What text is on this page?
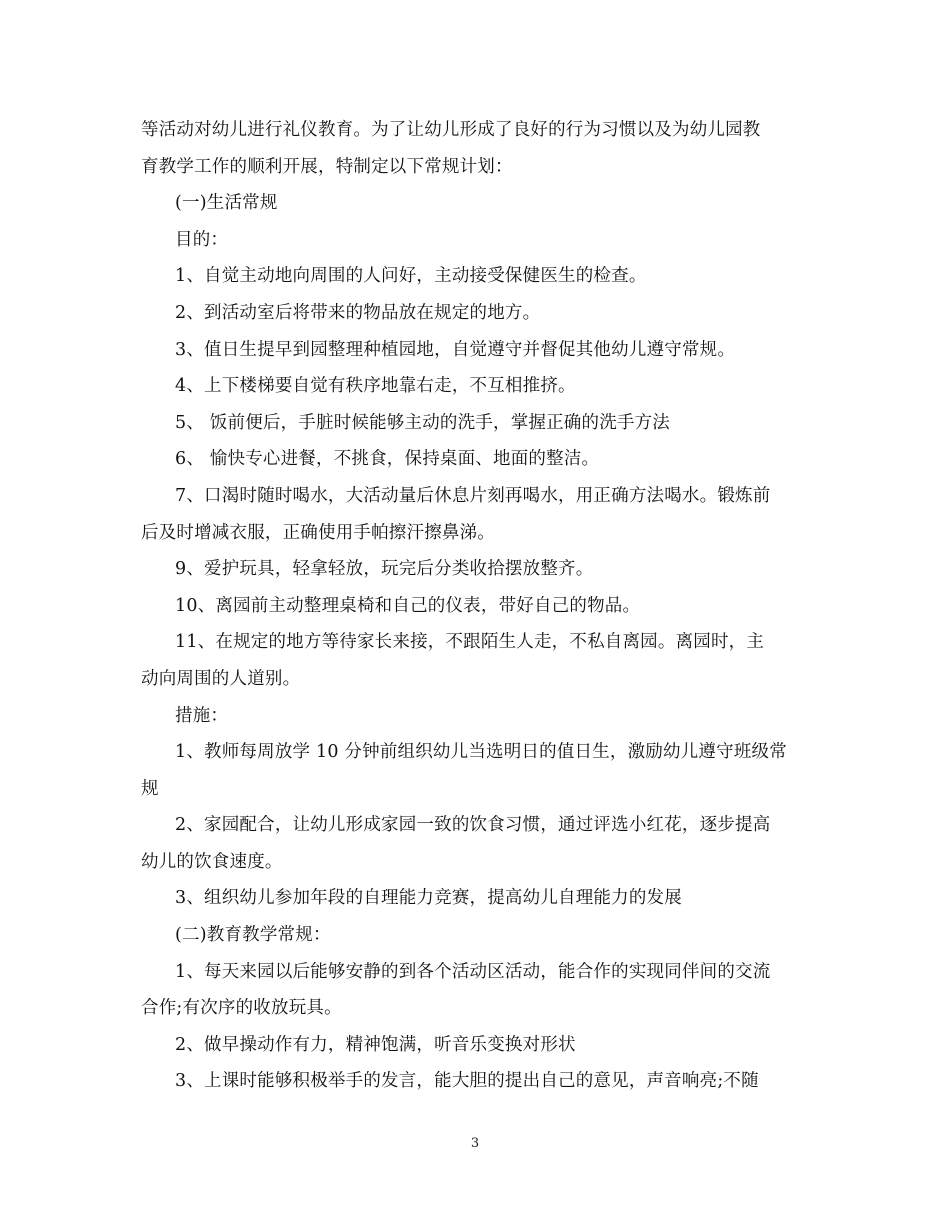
等活动对幼儿进行礼仪教育。为了让幼儿形成了良好的行为习惯以及为幼儿园教
育教学工作的顺利开展，特制定以下常规计划：
(一)生活常规
目的：
1、自觉主动地向周围的人问好，主动接受保健医生的检查。
2、到活动室后将带来的物品放在规定的地方。
3、值日生提早到园整理种植园地，自觉遵守并督促其他幼儿遵守常规。
4、上下楼梯要自觉有秩序地靠右走，不互相推挤。
5、 饭前便后，手脏时候能够主动的洗手，掌握正确的洗手方法
6、 愉快专心进餐，不挑食，保持桌面、地面的整洁。
7、口渴时随时喝水，大活动量后休息片刻再喝水，用正确方法喝水。锻炼前
后及时增减衣服，正确使用手帕擦汗擦鼻涕。
9、爱护玩具，轻拿轻放，玩完后分类收拾摆放整齐。
10、离园前主动整理桌椅和自己的仪表，带好自己的物品。
11、在规定的地方等待家长来接，不跟陌生人走，不私自离园。离园时，主
动向周围的人道别。
措施：
1、教师每周放学 10 分钟前组织幼儿当选明日的值日生，激励幼儿遵守班级常
规
2、家园配合，让幼儿形成家园一致的饮食习惯，通过评选小红花，逐步提高
幼儿的饮食速度。
3、组织幼儿参加年段的自理能力竞赛，提高幼儿自理能力的发展
(二)教育教学常规：
1、每天来园以后能够安静的到各个活动区活动，能合作的实现同伴间的交流
合作;有次序的收放玩具。
2、做早操动作有力，精神饱满，听音乐变换对形状
3、上课时能够积极举手的发言，能大胆的提出自己的意见，声音响亮;不随
3
